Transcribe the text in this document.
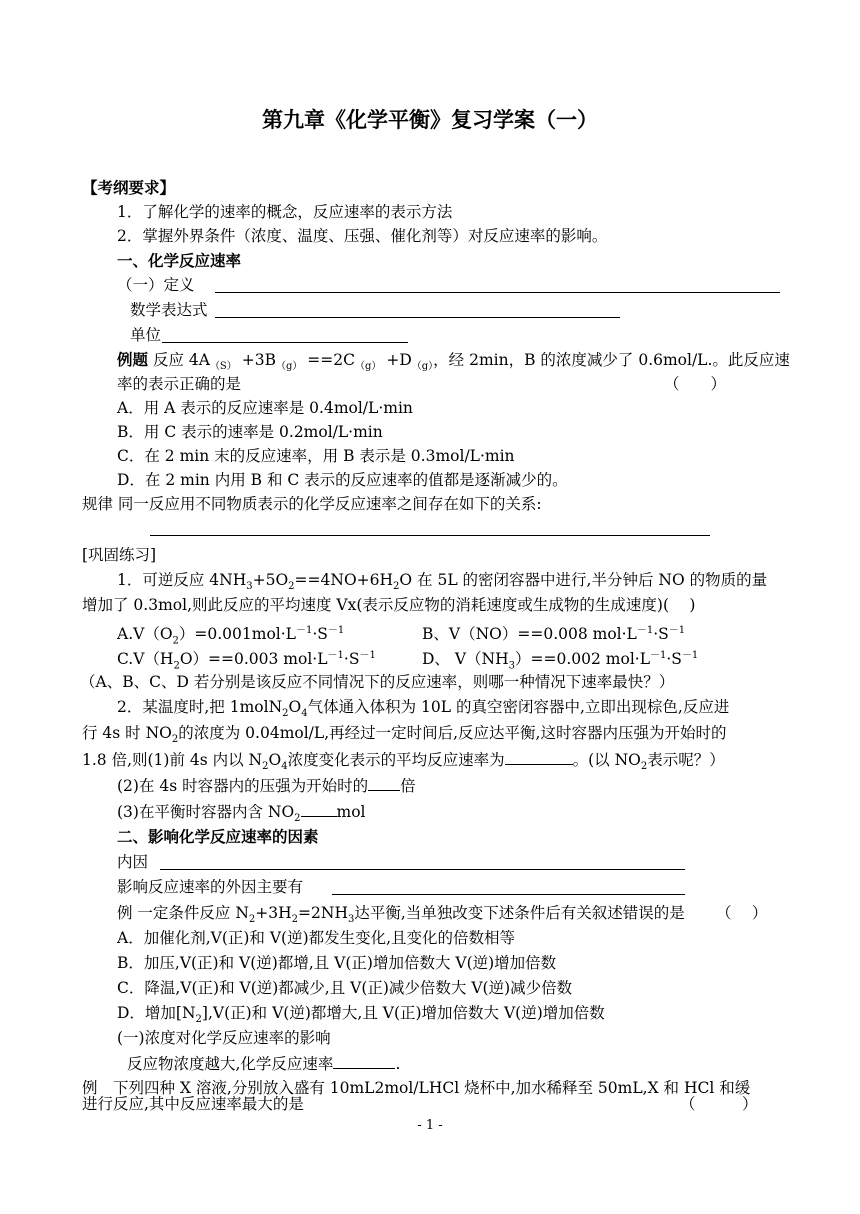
第九章《化学平衡》复习学案（一）
【考纲要求】
1．了解化学的速率的概念，反应速率的表示方法
2．掌握外界条件（浓度、温度、压强、催化剂等）对反应速率的影响。
一、化学反应速率
（一）定义
数学表达式
单位
例题 反应 $4A_{(S)} +3B_{(g)} ==2C_{(g)} +D_{(g)}$，经 2min，B 的浓度减少了 0.6mol/L.。此反应速
率的表示正确的是	（　　）
A．用 A 表示的反应速率是 0.4mol/L·min
B．用 C 表示的速率是 0.2mol/L·min
C．在 2 min 末的反应速率，用 B 表示是 0.3mol/L·min
D．在 2 min 内用 B 和 C 表示的反应速率的值都是逐渐减少的。
规律 同一反应用不同物质表示的化学反应速率之间存在如下的关系:
[巩固练习]
1．可逆反应 $4NH_3+5O_2==4NO+6H_2O$ 在 5L 的密闭容器中进行,半分钟后 NO 的物质的量
增加了 0.3mol,则此反应的平均速度 Vx(表示反应物的消耗速度或生成物的生成速度)(　 )
$A.V(O_2)=0.001mol\cdot L^{-1}\cdot S^{-1}$	B、V（NO）==0.008 $mol\cdot L^{-1}\cdot S^{-1}$
$C.V(H_2O)==0.003$ $mol\cdot L^{-1}\cdot S^{-1}$	D、 $V(NH_3)==0.002$ $mol\cdot L^{-1}\cdot S^{-1}$
（A、B、C、D 若分别是该反应不同情况下的反应速率，则哪一种情况下速率最快？）
2．某温度时,把 $1molN_2O_4$气体通入体积为 10L 的真空密闭容器中,立即出现棕色,反应进
行 4s 时 $NO_2$的浓度为 0.04mol/L,再经过一定时间后,反应达平衡,这时容器内压强为开始时的
1.8 倍,则(1)前 4s 内以 $N_2O_4$浓度变化表示的平均反应速率为	。(以 $NO_2$表示呢？）
(2)在 4s 时容器内的压强为开始时的 倍
(3)在平衡时容器内含 $NO_2$ mol
二、影响化学反应速率的因素
内因
影响反应速率的外因主要有
例 一定条件反应 $N_2+3H_2=2NH_3$达平衡,当单独改变下述条件后有关叙述错误的是 （　 ）
A．加催化剂,V(正)和 V(逆)都发生变化,且变化的倍数相等
B．加压,V(正)和 V(逆)都增,且 V(正)增加倍数大 V(逆)增加倍数
C．降温,V(正)和 V(逆)都减少,且 V(正)减少倍数大 V(逆)减少倍数
D．增加$[N_2],V$(正)和 V(逆)都增大,且 V(正)增加倍数大 V(逆)增加倍数
(一)浓度对化学反应速率的影响
反应物浓度越大,化学反应速率	.
例　下列四种 X 溶液,分别放入盛有 10mL2mol/LHCl 烧杯中,加水稀释至 50mL,X 和 HCl 和缓
进行反应,其中反应速率最大的是	（　　　）
- 1 -
